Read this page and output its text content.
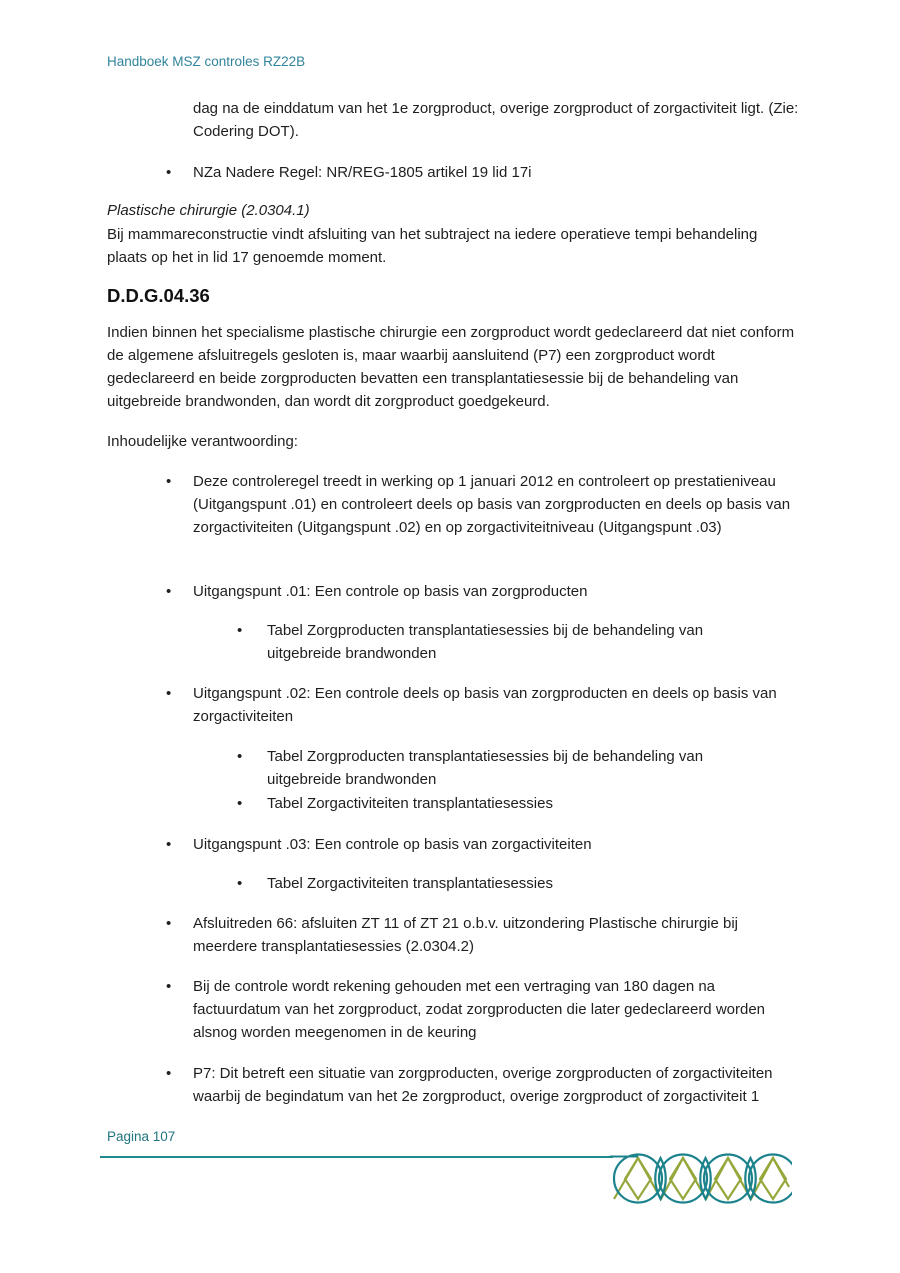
Handboek MSZ controles RZ22B
dag na de einddatum van het 1e zorgproduct, overige zorgproduct of zorgactiviteit ligt. (Zie: Codering DOT).
•
NZa Nadere Regel: NR/REG-1805 artikel 19 lid 17i
Plastische chirurgie (2.0304.1)
Bij mammareconstructie vindt afsluiting van het subtraject na iedere operatieve tempi behandeling plaats op het in lid 17 genoemde moment.
D.D.G.04.36
Indien binnen het specialisme plastische chirurgie een zorgproduct wordt gedeclareerd dat niet conform de algemene afsluitregels gesloten is, maar waarbij aansluitend (P7) een zorgproduct wordt gedeclareerd en beide zorgproducten bevatten een transplantatiesessie bij de behandeling van uitgebreide brandwonden, dan wordt dit zorgproduct goedgekeurd.
Inhoudelijke verantwoording:
•
Deze controleregel treedt in werking op 1 januari 2012 en controleert op prestatieniveau (Uitgangspunt .01) en controleert deels op basis van zorgproducten en deels op basis van zorgactiviteiten (Uitgangspunt .02) en op zorgactiviteitniveau (Uitgangspunt .03)
•
Uitgangspunt .01: Een controle op basis van zorgproducten
•
Tabel Zorgproducten transplantatiesessies bij de behandeling van uitgebreide brandwonden
•
Uitgangspunt .02: Een controle deels op basis van zorgproducten en deels op basis van zorgactiviteiten
•
Tabel Zorgproducten transplantatiesessies bij de behandeling van uitgebreide brandwonden
•
Tabel Zorgactiviteiten transplantatiesessies
•
Uitgangspunt .03: Een controle op basis van zorgactiviteiten
•
Tabel Zorgactiviteiten transplantatiesessies
•
Afsluitreden 66: afsluiten ZT 11 of ZT 21 o.b.v. uitzondering Plastische chirurgie bij meerdere transplantatiesessies (2.0304.2)
•
Bij de controle wordt rekening gehouden met een vertraging van 180 dagen na factuurdatum van het zorgproduct, zodat zorgproducten die later gedeclareerd worden alsnog worden meegenomen in de keuring
•
P7: Dit betreft een situatie van zorgproducten, overige zorgproducten of zorgactiviteiten waarbij de begindatum van het 2e zorgproduct, overige zorgproduct of zorgactiviteit 1
Pagina 107
